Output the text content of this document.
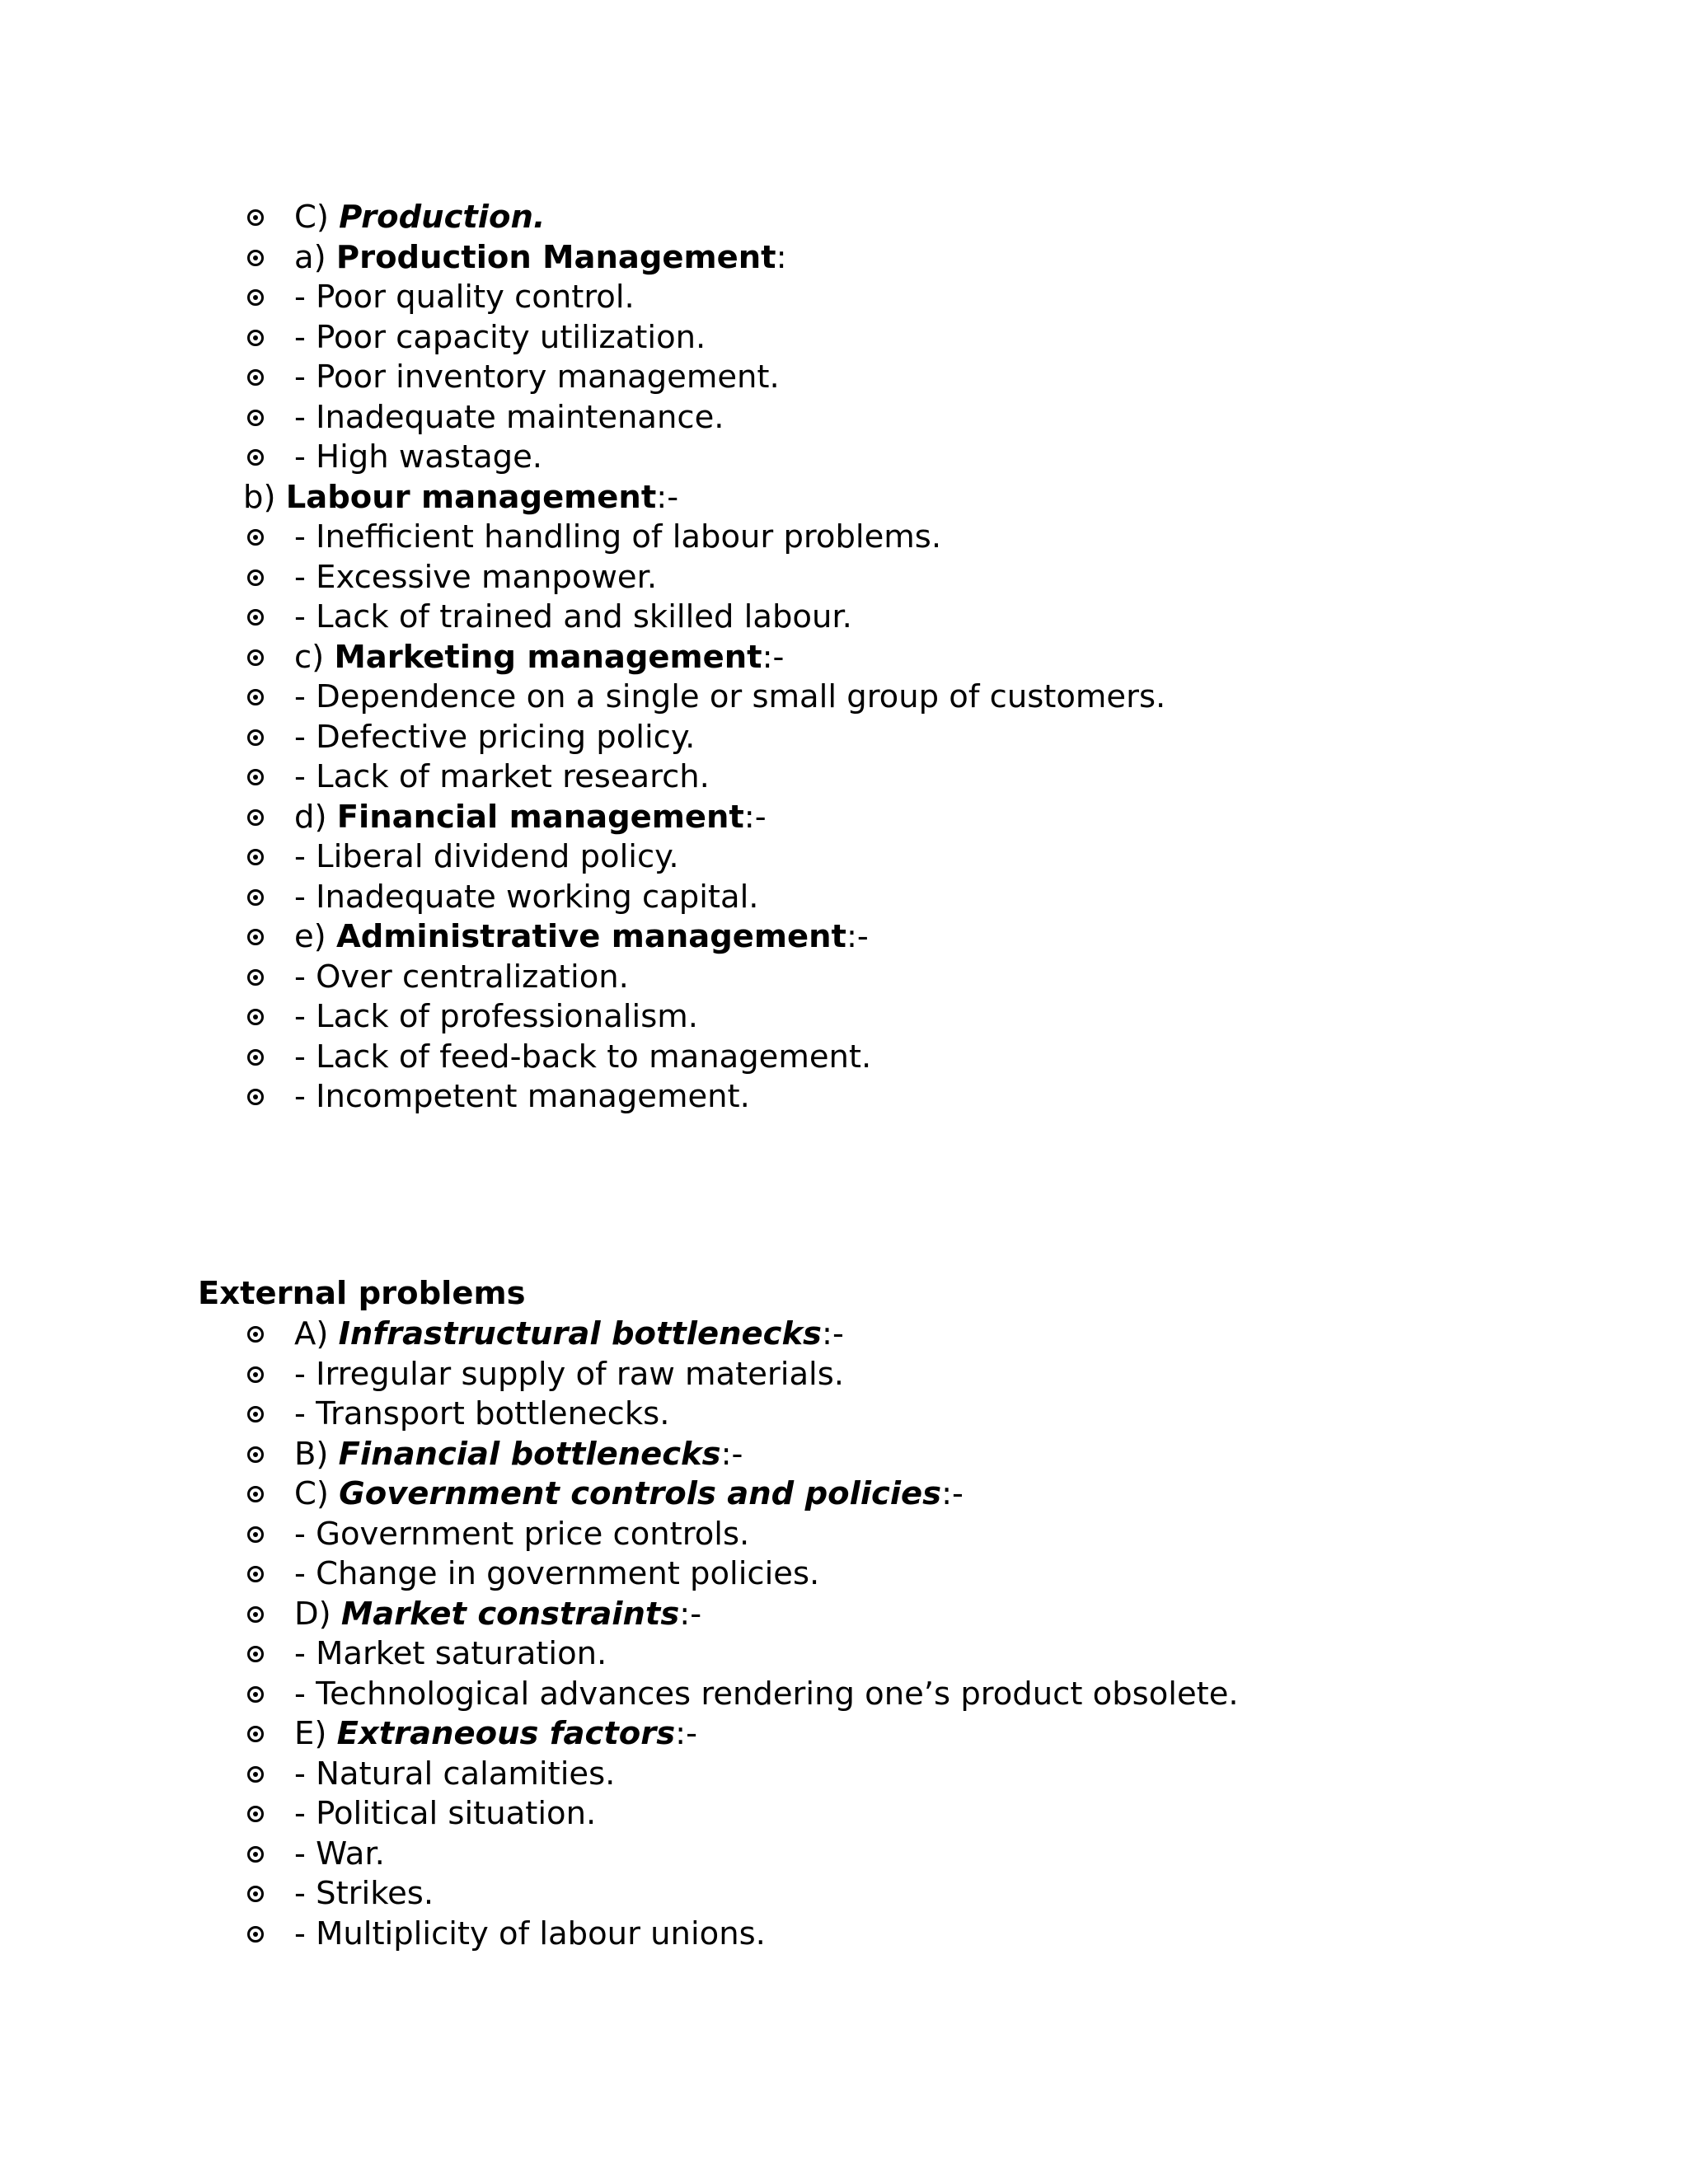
C) Production.
a) Production Management:
- Poor quality control.
- Poor capacity utilization.
- Poor inventory management.
- Inadequate maintenance.
- High wastage.
b) Labour management:-
- Inefficient handling of labour problems.
- Excessive manpower.
- Lack of trained and skilled labour.
c) Marketing management:-
- Dependence on a single or small group of customers.
- Defective pricing policy.
- Lack of market research.
d) Financial management:-
- Liberal dividend policy.
- Inadequate working capital.
e) Administrative management:-
- Over centralization.
- Lack of professionalism.
- Lack of feed-back to management.
- Incompetent management.
External problems
A) Infrastructural bottlenecks:-
- Irregular supply of raw materials.
- Transport bottlenecks.
B) Financial bottlenecks:-
C) Government controls and policies:-
- Government price controls.
- Change in government policies.
D) Market constraints:-
- Market saturation.
- Technological advances rendering one’s product obsolete.
E) Extraneous factors:-
- Natural calamities.
- Political situation.
- War.
- Strikes.
- Multiplicity of labour unions.
